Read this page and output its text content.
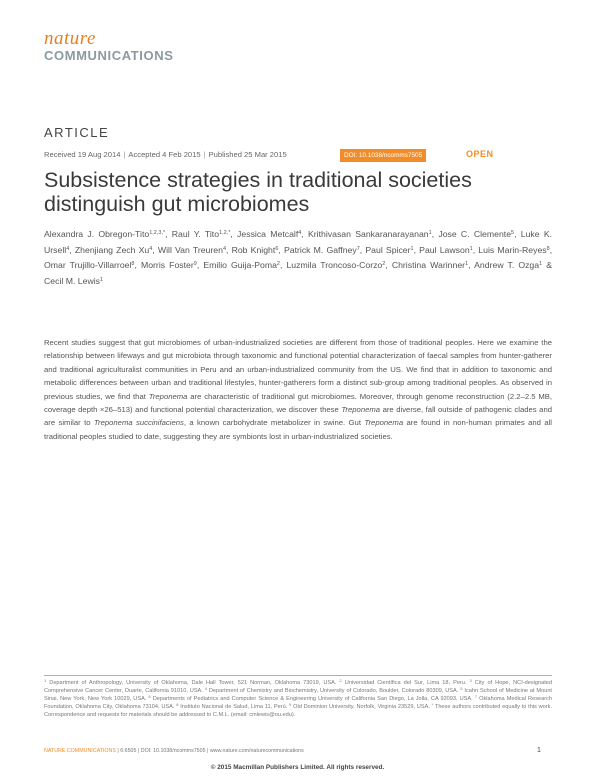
nature
COMMUNICATIONS
ARTICLE
Received 19 Aug 2014 | Accepted 4 Feb 2015 | Published 25 Mar 2015	DOI: 10.1038/ncomms7505	OPEN
Subsistence strategies in traditional societies distinguish gut microbiomes
Alexandra J. Obregon-Tito$^{1,2,3,*}$, Raul Y. Tito$^{1,2,*}$, Jessica Metcalf$^4$, Krithivasan Sankaranarayanan$^1$, Jose C. Clemente$^5$, Luke K. Ursell$^4$, Zhenjiang Zech Xu$^4$, Will Van Treuren$^4$, Rob Knight$^6$, Patrick M. Gaffney$^7$, Paul Spicer$^1$, Paul Lawson$^1$, Luis Marin-Reyes$^8$, Omar Trujillo-Villarroel$^8$, Morris Foster$^9$, Emilio Guija-Poma$^2$, Luzmila Troncoso-Corzo$^2$, Christina Warinner$^1$, Andrew T. Ozga$^1$ & Cecil M. Lewis$^1$

Recent studies suggest that gut microbiomes of urban-industrialized societies are different from those of traditional peoples. Here we examine the relationship between lifeways and gut microbiota through taxonomic and functional potential characterization of faecal samples from hunter-gatherer and traditional agriculturalist communities in Peru and an urban-industrialized community from the US. We find that in addition to taxonomic and metabolic differences between urban and traditional lifestyles, hunter-gatherers form a distinct sub-group among traditional peoples. As observed in previous studies, we find that Treponema are characteristic of traditional gut microbiomes. Moreover, through genome reconstruction (2.2–2.5 MB, coverage depth ×26–513) and functional potential characterization, we discover these Treponema are diverse, fall outside of pathogenic clades and are similar to Treponema succinifaciens, a known carbohydrate metabolizer in swine. Gut Treponema are found in non-human primates and all traditional peoples studied to date, suggesting they are symbionts lost in urban-industrialized societies.

$^1$ Department of Anthropology, University of Oklahoma, Dale Hall Tower, 521 Norman, Oklahoma 73019, USA. $^2$ Universidad Científica del Sur, Lima 18, Peru. $^3$ City of Hope, NCI-designated Comprehensive Cancer Center, Duarte, California 91010, USA. $^4$ Department of Chemistry and Biochemistry, University of Colorado, Boulder, Colorado 80309, USA. $^5$ Icahn School of Medicine at Mount Sinai, New York, New York 10029, USA. $^6$ Departments of Pediatrics and Computer Science & Engineering University of California San Diego, La Jolla, CA 92093, USA. $^7$ Oklahoma Medical Research Foundation, Oklahoma City, Oklahoma 73104, USA. $^8$ Instituto Nacional de Salud, Lima 11, Perú. $^9$ Old Dominion University, Norfolk, Virginia 23529, USA. * These authors contributed equally to this work. Correspondence and requests for materials should be addressed to C.M.L. (email: cmlewis@ou.edu).
NATURE COMMUNICATIONS | 6:6505 | DOI: 10.1038/ncomms7505 | www.nature.com/naturecommunications	1
© 2015 Macmillan Publishers Limited. All rights reserved.
